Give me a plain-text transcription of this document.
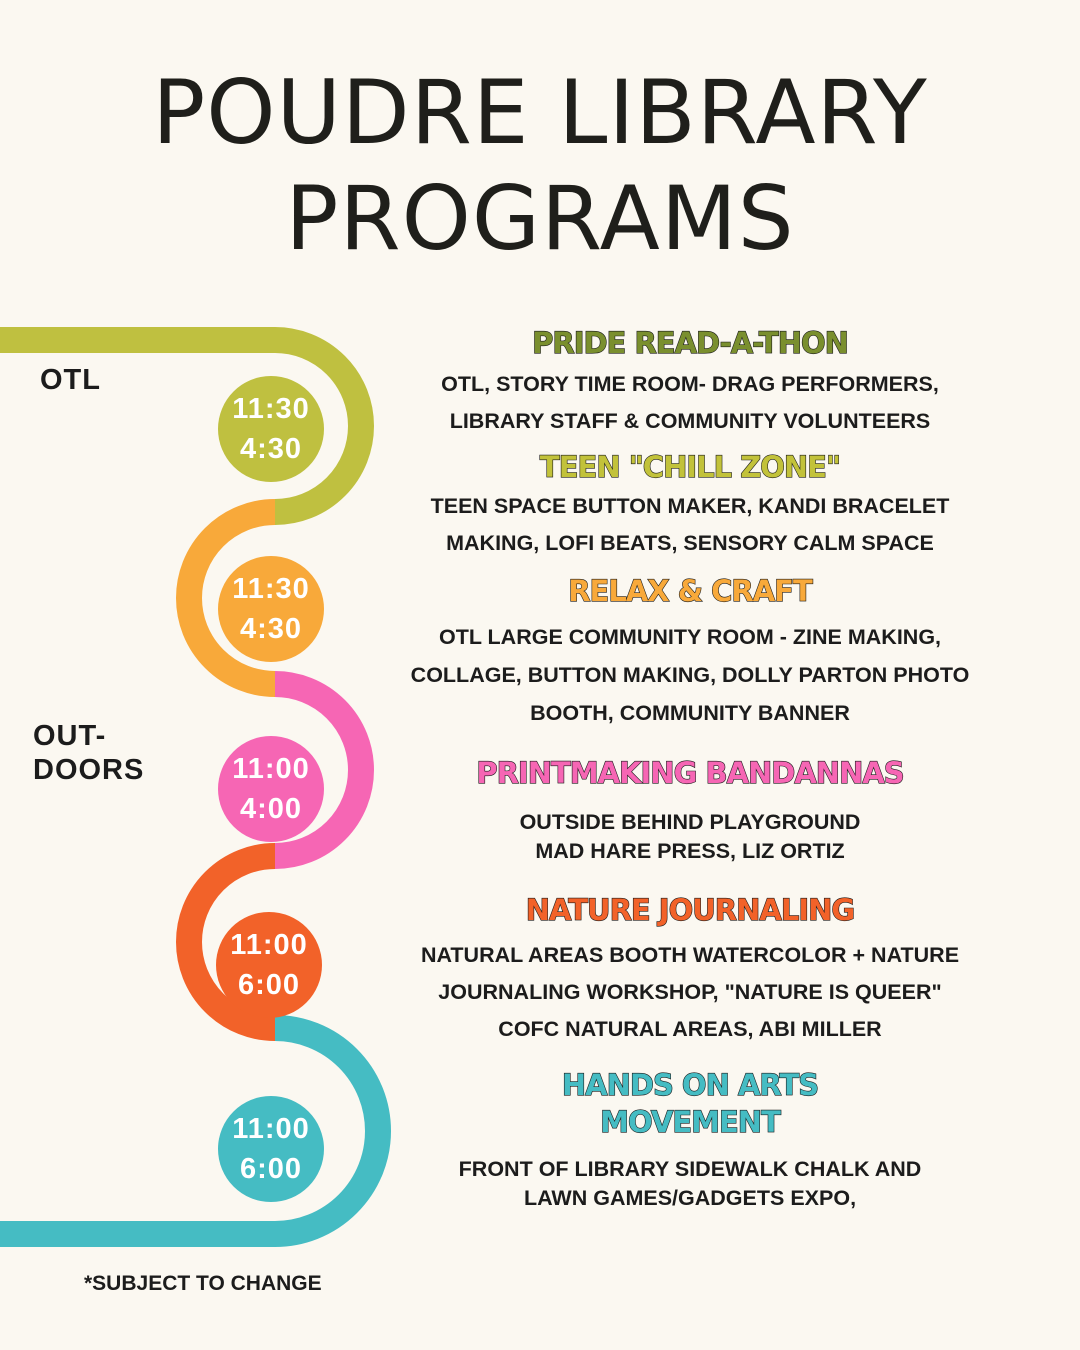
POUDRE LIBRARY
PROGRAMS
OTL
OUT-
DOORS
11:30
4:30
11:30
4:30
11:00
4:00
11:00
6:00
11:00
6:00
PRIDE READ-A-THON
OTL, STORY TIME ROOM- DRAG PERFORMERS,
LIBRARY STAFF & COMMUNITY VOLUNTEERS
TEEN "CHILL ZONE"
TEEN SPACE BUTTON MAKER, KANDI BRACELET
MAKING, LOFI BEATS, SENSORY CALM SPACE
RELAX & CRAFT
OTL LARGE COMMUNITY ROOM - ZINE MAKING,
COLLAGE, BUTTON MAKING, DOLLY PARTON PHOTO
BOOTH, COMMUNITY BANNER
PRINTMAKING BANDANNAS
OUTSIDE BEHIND PLAYGROUND
MAD HARE PRESS, LIZ ORTIZ
NATURE JOURNALING
NATURAL AREAS BOOTH WATERCOLOR + NATURE
JOURNALING WORKSHOP, "NATURE IS QUEER"
COFC NATURAL AREAS, ABI MILLER
HANDS ON ARTS
MOVEMENT
FRONT OF LIBRARY SIDEWALK CHALK AND
LAWN GAMES/GADGETS EXPO,
*SUBJECT TO CHANGE
